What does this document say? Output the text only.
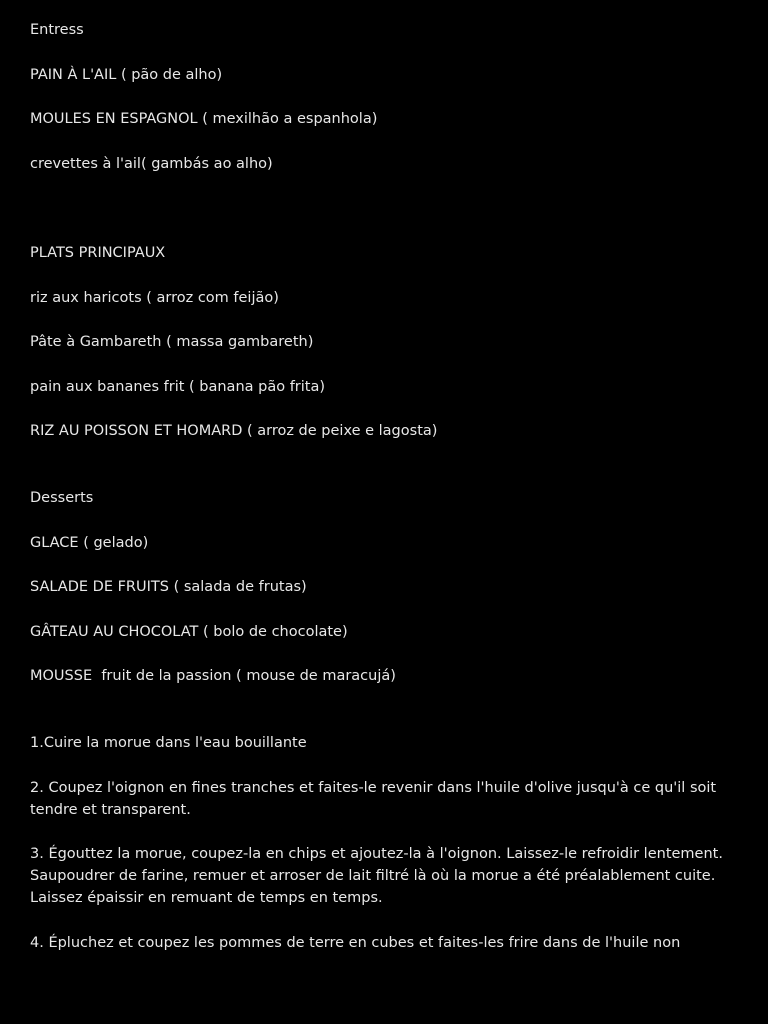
Entress

PAIN À L'AIL ( pão de alho)

MOULES EN ESPAGNOL ( mexilhão a espanhola)

crevettes à l'ail( gambás ao alho)

PLATS PRINCIPAUX

riz aux haricots ( arroz com feijão)

Pâte à Gambareth ( massa gambareth)

pain aux bananes frit ( banana pão frita)

RIZ AU POISSON ET HOMARD ( arroz de peixe e lagosta)

Desserts

GLACE ( gelado)

SALADE DE FRUITS ( salada de frutas)

GÂTEAU AU CHOCOLAT ( bolo de chocolate)

MOUSSE  fruit de la passion ( mouse de maracujá)

1.Cuire la morue dans l'eau bouillante

2. Coupez l'oignon en fines tranches et faites-le revenir dans l'huile d'olive jusqu'à ce qu'il soit tendre et transparent.

3. Égouttez la morue, coupez-la en chips et ajoutez-la à l'oignon. Laissez-le refroidir lentement. Saupoudrer de farine, remuer et arroser de lait filtré là où la morue a été préalablement cuite. Laissez épaissir en remuant de temps en temps.

4. Épluchez et coupez les pommes de terre en cubes et faites-les frire dans de l'huile non
